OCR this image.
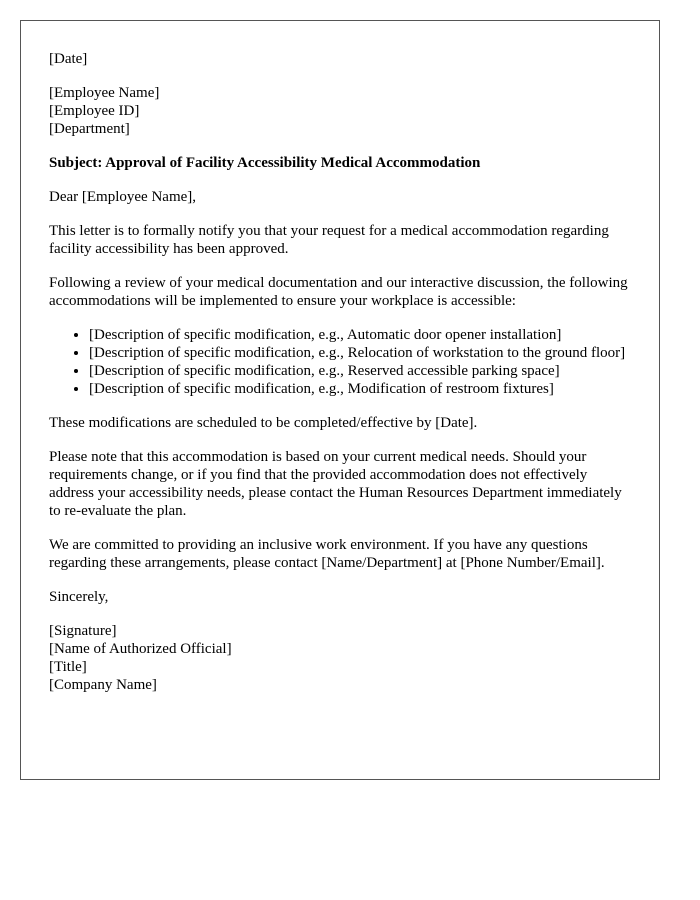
[Date]

[Employee Name]
[Employee ID]
[Department]

Subject: Approval of Facility Accessibility Medical Accommodation

Dear [Employee Name],

This letter is to formally notify you that your request for a medical accommodation regarding facility accessibility has been approved.

Following a review of your medical documentation and our interactive discussion, the following accommodations will be implemented to ensure your workplace is accessible:

• [Description of specific modification, e.g., Automatic door opener installation]
• [Description of specific modification, e.g., Relocation of workstation to the ground floor]
• [Description of specific modification, e.g., Reserved accessible parking space]
• [Description of specific modification, e.g., Modification of restroom fixtures]

These modifications are scheduled to be completed/effective by [Date].

Please note that this accommodation is based on your current medical needs. Should your requirements change, or if you find that the provided accommodation does not effectively address your accessibility needs, please contact the Human Resources Department immediately to re-evaluate the plan.

We are committed to providing an inclusive work environment. If you have any questions regarding these arrangements, please contact [Name/Department] at [Phone Number/Email].

Sincerely,

[Signature]
[Name of Authorized Official]
[Title]
[Company Name]
